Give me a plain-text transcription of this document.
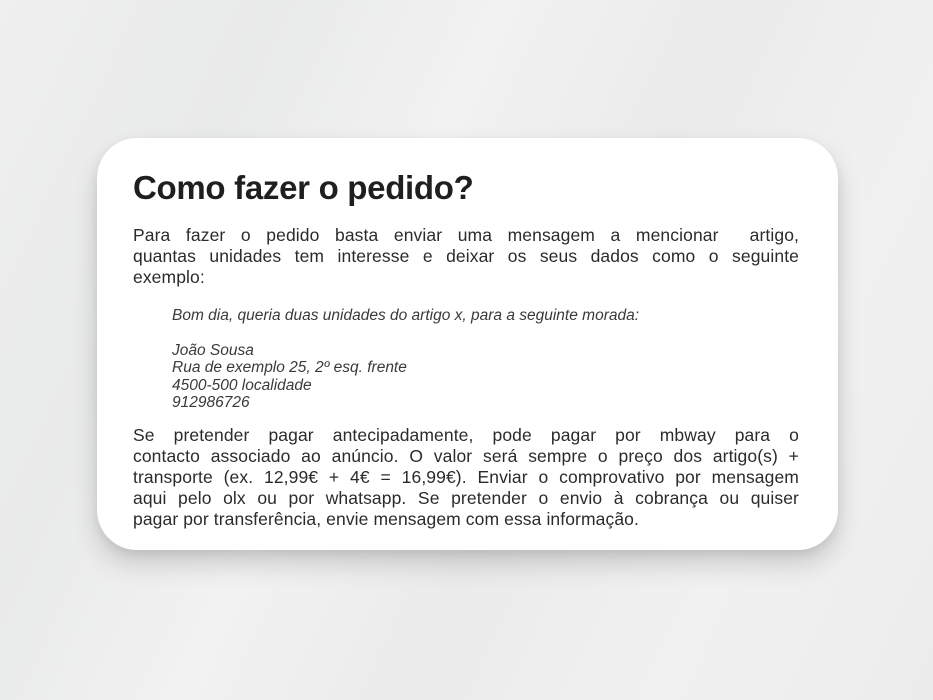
Como fazer o pedido?
Para fazer o pedido basta enviar uma mensagem a mencionar  artigo,
quantas unidades tem interesse e deixar os seus dados como o seguinte
exemplo:
Bom dia, queria duas unidades do artigo x, para a seguinte morada:
João Sousa
Rua de exemplo 25, 2º esq. frente
4500-500 localidade
912986726
Se pretender pagar antecipadamente, pode pagar por mbway para o
contacto associado ao anúncio. O valor será sempre o preço dos artigo(s) +
transporte (ex. 12,99€ + 4€ = 16,99€). Enviar o comprovativo por mensagem
aqui pelo olx ou por whatsapp. Se pretender o envio à cobrança ou quiser
pagar por transferência, envie mensagem com essa informação.
